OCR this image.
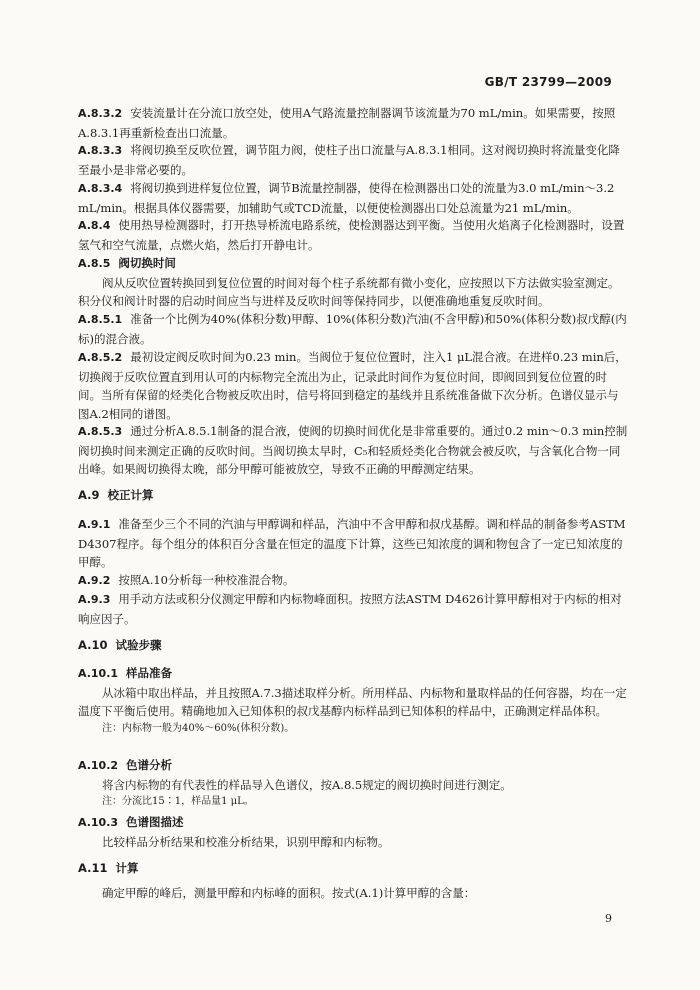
GB/T 23799—2009

A.8.3.2 安装流量计在分流口放空处，使用A气路流量控制器调节该流量为70 mL/min。如果需要，按照A.8.3.1再重新检查出口流量。

A.8.3.3 将阀切换至反吹位置，调节阻力阀，使柱子出口流量与A.8.3.1相同。这对阀切换时将流量变化降至最小是非常必要的。

A.8.3.4 将阀切换到进样复位位置，调节B流量控制器，使得在检测器出口处的流量为3.0 mL/min～3.2 mL/min。根据具体仪器需要，加辅助气或TCD流量，以便使检测器出口处总流量为21 mL/min。

A.8.4 使用热导检测器时，打开热导桥流电路系统，使检测器达到平衡。当使用火焰离子化检测器时，设置氢气和空气流量，点燃火焰，然后打开静电计。

A.8.5 阀切换时间

阀从反吹位置转换回到复位位置的时间对每个柱子系统都有微小变化，应按照以下方法做实验室测定。积分仪和阀计时器的启动时间应当与进样及反吹时间等保持同步，以便准确地重复反吹时间。

A.8.5.1 准备一个比例为40%(体积分数)甲醇、10%(体积分数)汽油(不含甲醇)和50%(体积分数)叔戊醇(内标)的混合液。

A.8.5.2 最初设定阀反吹时间为0.23 min。当阀位于复位位置时，注入1 μL混合液。在进样0.23 min后，切换阀于反吹位置直到用认可的内标物完全流出为止，记录此时间作为复位时间，即阀回到复位位置的时间。当所有保留的烃类化合物被反吹出时，信号将回到稳定的基线并且系统准备做下次分析。色谱仪显示与图A.2相同的谱图。

A.8.5.3 通过分析A.8.5.1制备的混合液，使阀的切换时间优化是非常重要的。通过0.2 min～0.3 min控制阀切换时间来测定正确的反吹时间。当阀切换太早时，C₅和轻质烃类化合物就会被反吹，与含氧化合物一同出峰。如果阀切换得太晚，部分甲醇可能被放空，导致不正确的甲醇测定结果。

A.9 校正计算

A.9.1 准备至少三个不同的汽油与甲醇调和样品，汽油中不含甲醇和叔戊基醇。调和样品的制备参考ASTM D4307程序。每个组分的体积百分含量在恒定的温度下计算，这些已知浓度的调和物包含了一定已知浓度的甲醇。

A.9.2 按照A.10分析每一种校准混合物。

A.9.3 用手动方法或积分仪测定甲醇和内标物峰面积。按照方法ASTM D4626计算甲醇相对于内标的相对响应因子。

A.10 试验步骤

A.10.1 样品准备

从冰箱中取出样品，并且按照A.7.3描述取样分析。所用样品、内标物和量取样品的任何容器，均在一定温度下平衡后使用。精确地加入已知体积的叔戊基醇内标样品到已知体积的样品中，正确测定样品体积。

注：内标物一般为40%～60%(体积分数)。

A.10.2 色谱分析

将含内标物的有代表性的样品导入色谱仪，按A.8.5规定的阀切换时间进行测定。

注：分流比15∶1，样品量1 μL。

A.10.3 色谱图描述

比较样品分析结果和校准分析结果，识别甲醇和内标物。

A.11 计算

确定甲醇的峰后，测量甲醇和内标峰的面积。按式(A.1)计算甲醇的含量：

9
